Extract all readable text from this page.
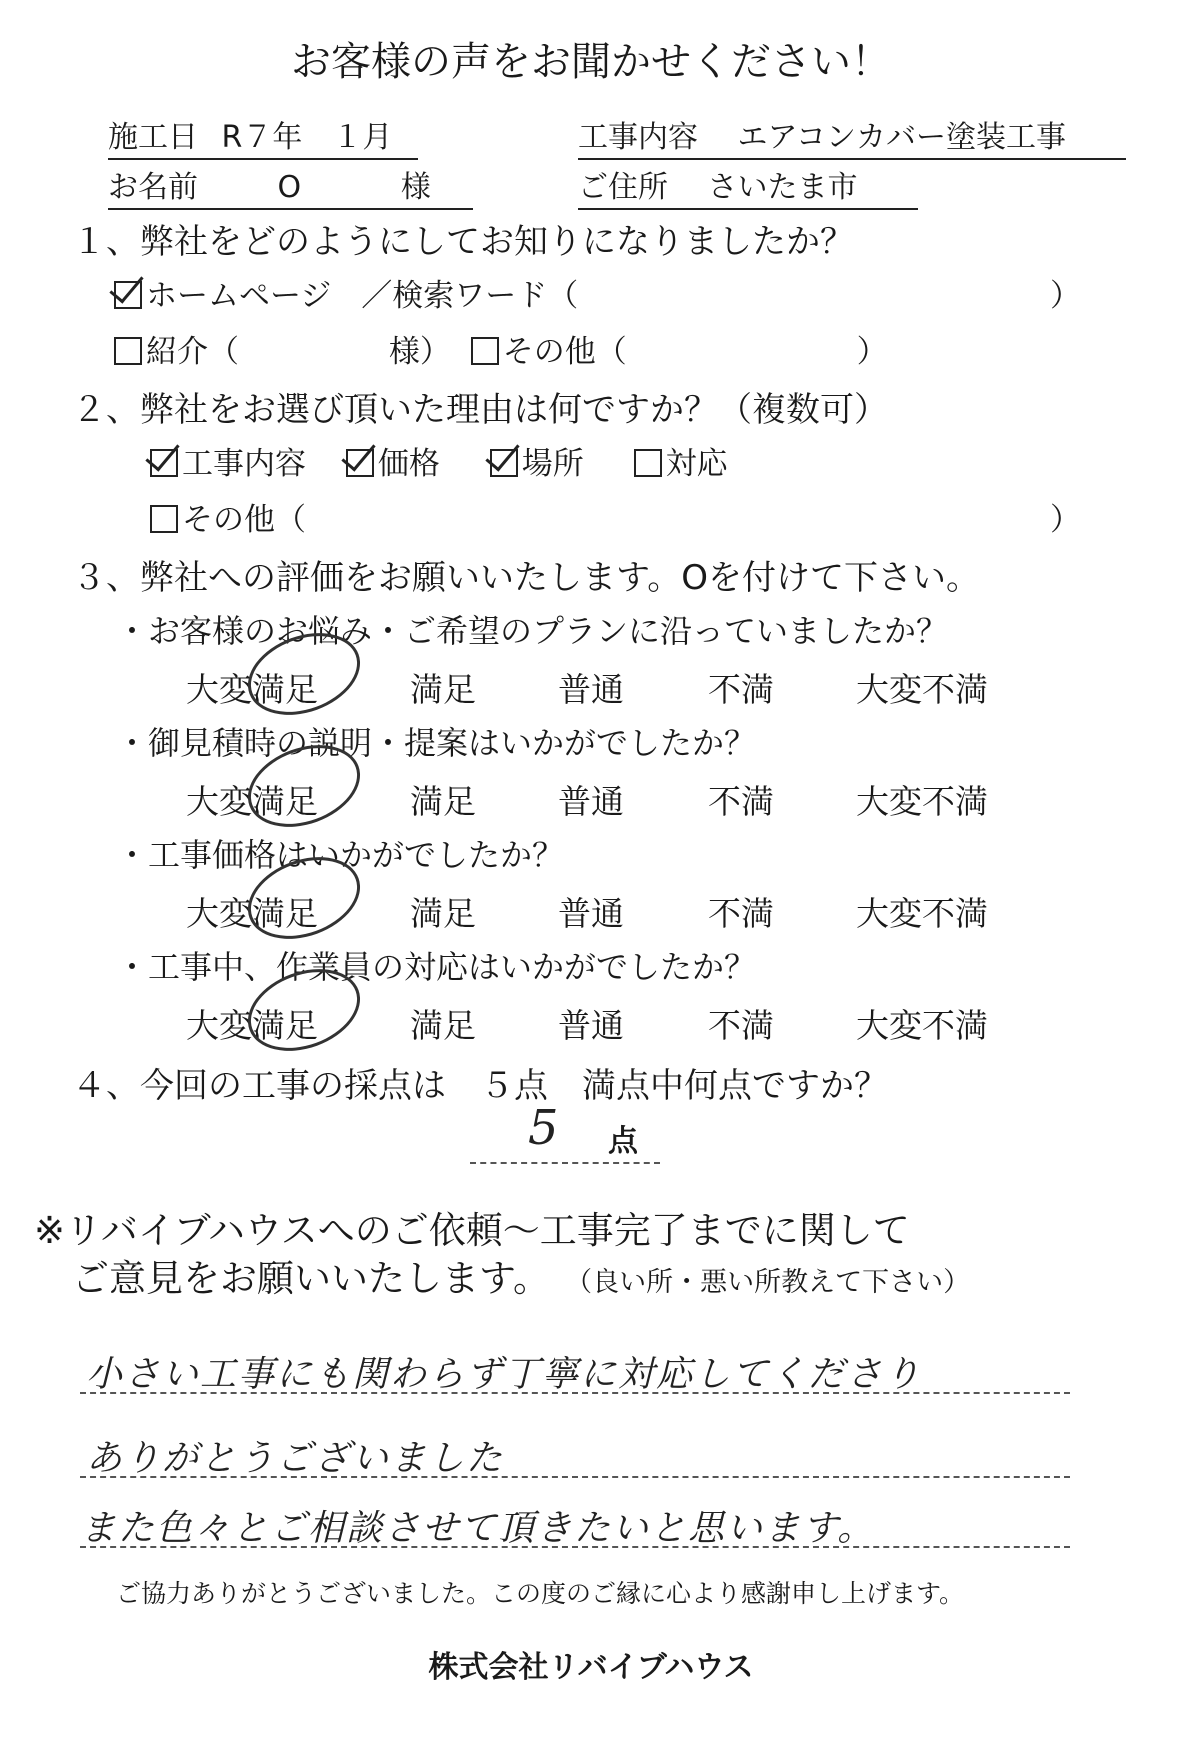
お客様の声をお聞かせください！
施工日 R７年　１月	工事内容 エアコンカバー塗装工事
お名前	O	様	ご住所 さいたま市
１、弊社をどのようにしてお知りになりましたか？
ホームページ ／検索ワード（	）
紹介（	様） その他（	）
２、弊社をお選び頂いた理由は何ですか？（複数可）
工事内容 価格	場所	対応
その他（	）
３、弊社への評価をお願いいたします。Oを付けて下さい。
・お客様のお悩み・ご希望のプランに沿っていましたか？
大変満足	満足 普通	不満 大変不満
・御見積時の説明・提案はいかがでしたか？
大変満足	満足 普通	不満 大変不満
・工事価格はいかがでしたか？
大変満足	満足 普通	不満 大変不満
・工事中、作業員の対応はいかがでしたか？
大変満足	満足 普通	不満 大変不満
４、今回の工事の採点は　５点　満点中何点ですか？
5 点
※リバイブハウスへのご依頼～工事完了までに関して
ご意見をお願いいたします。 （良い所・悪い所教えて下さい）
小さい工事にも関わらず丁寧に対応してくださり
ありがとうございました
また色々とご相談させて頂きたいと思います。
ご協力ありがとうございました。この度のご縁に心より感謝申し上げます。
株式会社リバイブハウス
